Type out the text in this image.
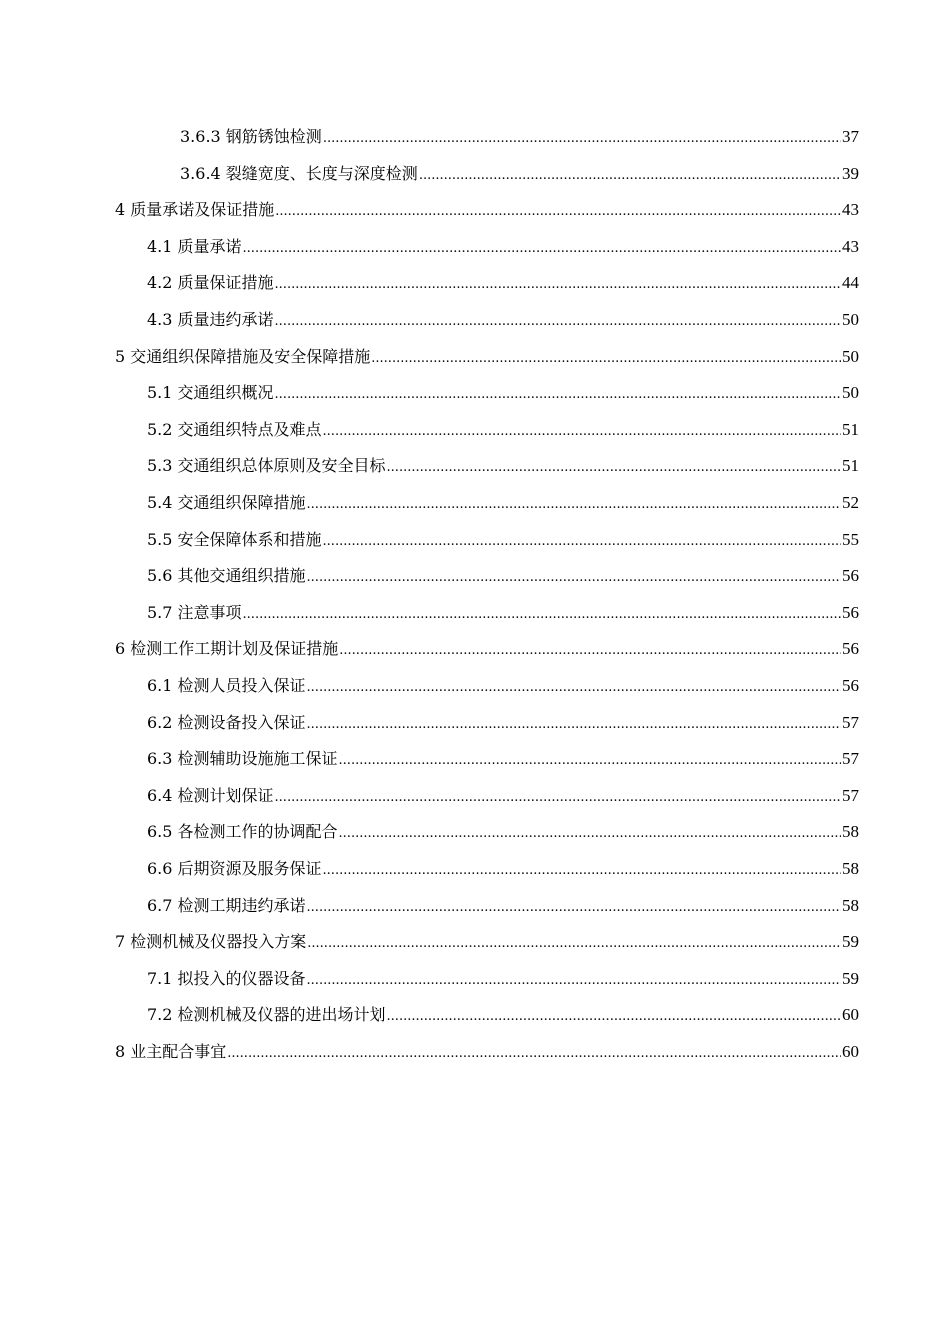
3.6.3 钢筋锈蚀检测 .....	37
3.6.4 裂缝宽度、长度与深度检测 .....	39
4 质量承诺及保证措施 .....	43
4.1 质量承诺 .....	43
4.2 质量保证措施 .....	44
4.3 质量违约承诺 .....	50
5 交通组织保障措施及安全保障措施 .....	50
5.1 交通组织概况 .....	50
5.2 交通组织特点及难点 .....	51
5.3 交通组织总体原则及安全目标 .....	51
5.4 交通组织保障措施 .....	52
5.5 安全保障体系和措施 .....	55
5.6 其他交通组织措施 .....	56
5.7 注意事项 .....	56
6 检测工作工期计划及保证措施 .....	56
6.1 检测人员投入保证 .....	56
6.2 检测设备投入保证 .....	57
6.3 检测辅助设施施工保证 .....	57
6.4 检测计划保证 .....	57
6.5 各检测工作的协调配合 .....	58
6.6 后期资源及服务保证 .....	58
6.7 检测工期违约承诺 .....	58
7 检测机械及仪器投入方案 .....	59
7.1 拟投入的仪器设备 .....	59
7.2 检测机械及仪器的进出场计划 .....	60
8 业主配合事宜 .....	60
